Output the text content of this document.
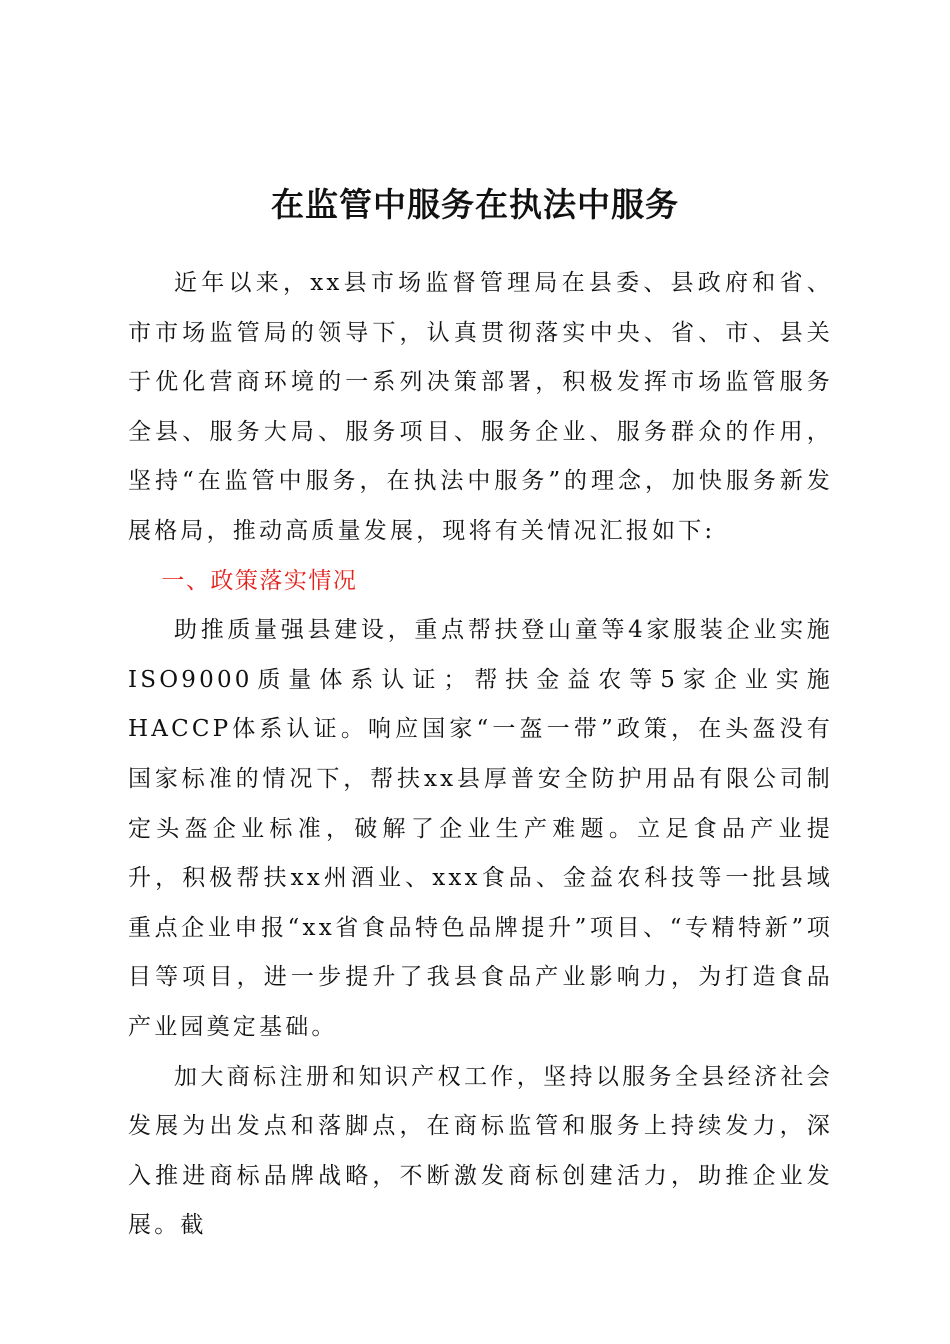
在监管中服务在执法中服务

近年以来，xx县市场监督管理局在县委、县政府和省、市市场监管局的领导下，认真贯彻落实中央、省、市、县关于优化营商环境的一系列决策部署，积极发挥市场监管服务全县、服务大局、服务项目、服务企业、服务群众的作用，坚持“在监管中服务，在执法中服务”的理念，加快服务新发展格局，推动高质量发展，现将有关情况汇报如下:

一、政策落实情况

助推质量强县建设，重点帮扶登山童等4家服装企业实施ISO9000质量体系认证；帮扶金益农等5家企业实施HACCP体系认证。响应国家“一盔一带”政策，在头盔没有国家标准的情况下，帮扶xx县厚普安全防护用品有限公司制定头盔企业标准，破解了企业生产难题。立足食品产业提升，积极帮扶xx州酒业、xxx食品、金益农科技等一批县域重点企业申报“xx省食品特色品牌提升”项目、“专精特新”项目等项目，进一步提升了我县食品产业影响力，为打造食品产业园奠定基础。

加大商标注册和知识产权工作，坚持以服务全县经济社会发展为出发点和落脚点，在商标监管和服务上持续发力，深入推进商标品牌战略，不断激发商标创建活力，助推企业发展。截
